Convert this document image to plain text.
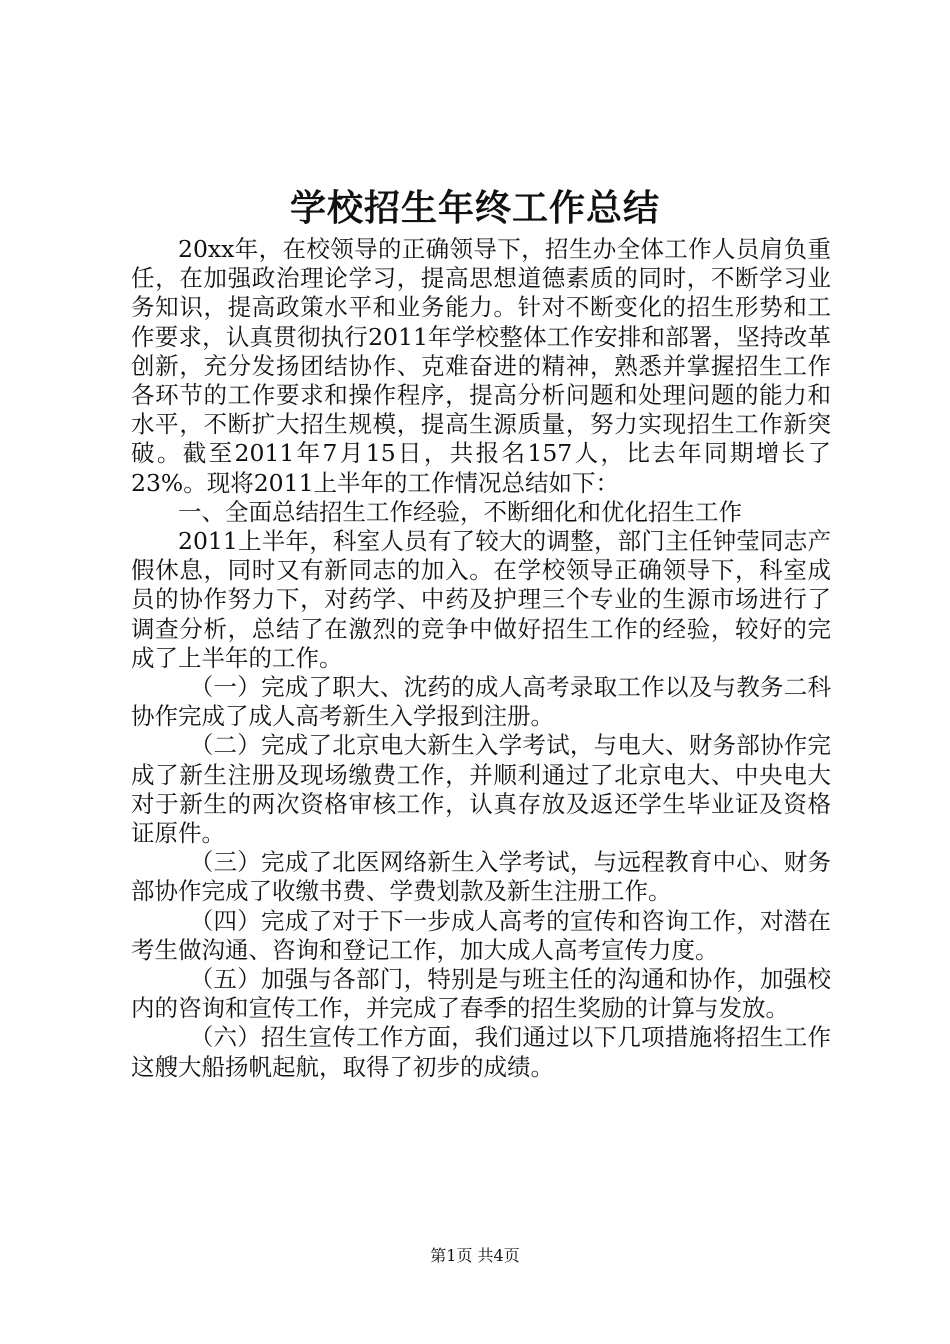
学校招生年终工作总结

20xx年，在校领导的正确领导下，招生办全体工作人员肩负重任，在加强政治理论学习，提高思想道德素质的同时，不断学习业务知识，提高政策水平和业务能力。针对不断变化的招生形势和工作要求，认真贯彻执行2011年学校整体工作安排和部署，坚持改革创新，充分发扬团结协作、克难奋进的精神，熟悉并掌握招生工作各环节的工作要求和操作程序，提高分析问题和处理问题的能力和水平，不断扩大招生规模，提高生源质量，努力实现招生工作新突破。截至2011年7月15日，共报名157人，比去年同期增长了23%。现将2011上半年的工作情况总结如下：

一、全面总结招生工作经验，不断细化和优化招生工作

2011上半年，科室人员有了较大的调整，部门主任钟莹同志产假休息，同时又有新同志的加入。在学校领导正确领导下，科室成员的协作努力下，对药学、中药及护理三个专业的生源市场进行了调查分析，总结了在激烈的竞争中做好招生工作的经验，较好的完成了上半年的工作。

（一）完成了职大、沈药的成人高考录取工作以及与教务二科协作完成了成人高考新生入学报到注册。

（二）完成了北京电大新生入学考试，与电大、财务部协作完成了新生注册及现场缴费工作，并顺利通过了北京电大、中央电大对于新生的两次资格审核工作，认真存放及返还学生毕业证及资格证原件。

（三）完成了北医网络新生入学考试，与远程教育中心、财务部协作完成了收缴书费、学费划款及新生注册工作。

（四）完成了对于下一步成人高考的宣传和咨询工作，对潜在考生做沟通、咨询和登记工作，加大成人高考宣传力度。

（五）加强与各部门，特别是与班主任的沟通和协作，加强校内的咨询和宣传工作，并完成了春季的招生奖励的计算与发放。

（六）招生宣传工作方面，我们通过以下几项措施将招生工作这艘大船扬帆起航，取得了初步的成绩。

第1页 共4页
